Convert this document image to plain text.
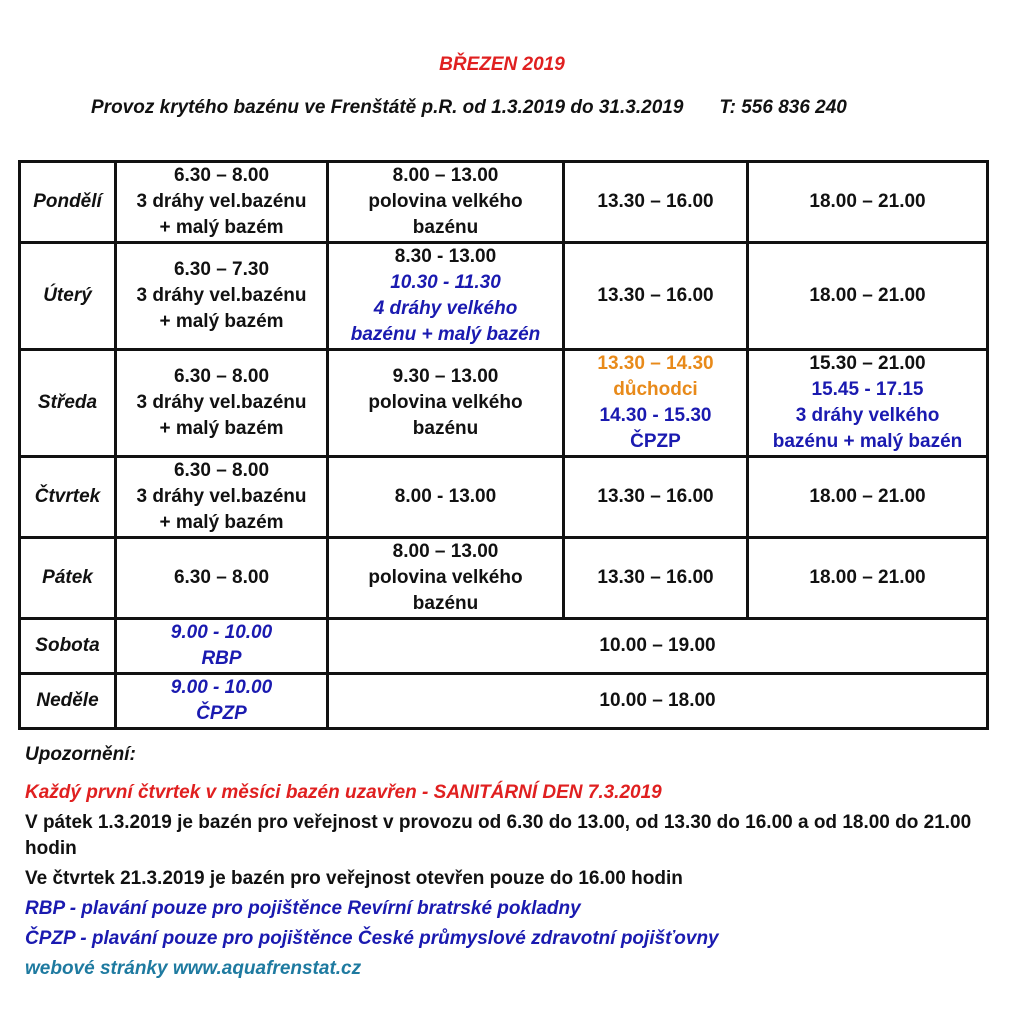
BŘEZEN 2019
Provoz krytého bazénu ve Frenštátě p.R. od 1.3.2019 do 31.3.2019 T: 556 836 240
Pondělí	6.30 – 8.00
3 dráhy vel.bazénu
+ malý bazém	8.00 – 13.00
polovina velkého
bazénu	13.30 – 16.00	18.00 – 21.00
Úterý	6.30 – 7.30
3 dráhy vel.bazénu
+ malý bazém	8.30 - 13.00
10.30 - 11.30
4 dráhy velkého
bazénu + malý bazén	13.30 – 16.00	18.00 – 21.00
Středa	6.30 – 8.00
3 dráhy vel.bazénu
+ malý bazém	9.30 – 13.00
polovina velkého
bazénu	13.30 – 14.30
důchodci
14.30 - 15.30
ČPZP	15.30 – 21.00
15.45 - 17.15
3 dráhy velkého
bazénu + malý bazén

Čtvrtek	6.30 – 8.00
3 dráhy vel.bazénu
+ malý bazém	8.00 - 13.00	13.30 – 16.00	18.00 – 21.00
Pátek	6.30 – 8.00	8.00 – 13.00
polovina velkého
bazénu	13.30 – 16.00	18.00 – 21.00
Sobota	9.00 - 10.00
RBP	10.00 – 19.00		
Neděle	9.00 - 10.00
ČPZP	10.00 – 18.00		

Upozornění:

Každý první čtvrtek v měsíci bazén uzavřen - SANITÁRNÍ DEN 7.3.2019

V pátek 1.3.2019 je bazén pro veřejnost v provozu od 6.30 do 13.00, od 13.30 do 16.00 a od 18.00 do 21.00 hodin

Ve čtvrtek 21.3.2019 je bazén pro veřejnost otevřen pouze do 16.00 hodin

RBP - plavání pouze pro pojištěnce Revírní bratrské pokladny

ČPZP - plavání pouze pro pojištěnce České průmyslové zdravotní pojišťovny

webové stránky www.aquafrenstat.cz
